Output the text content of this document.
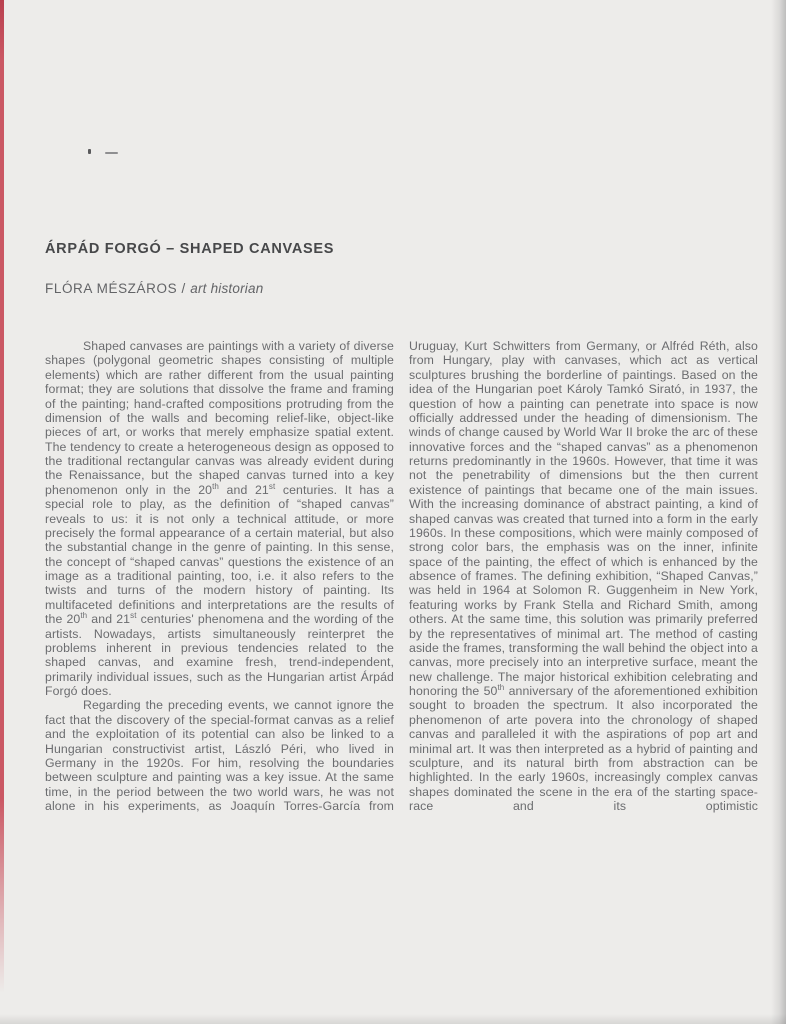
ÁRPÁD FORGÓ – SHAPED CANVASES
FLÓRA MÉSZÁROS / art historian

Shaped canvases are paintings with a variety of diverse shapes (polygonal geometric shapes consisting of multiple elements) which are rather different from the usual painting format; they are solutions that dissolve the frame and framing of the painting; hand-crafted compositions protruding from the dimension of the walls and becoming relief-like, object-like pieces of art, or works that merely emphasize spatial extent. The tendency to create a heterogeneous design as opposed to the traditional rectangular canvas was already evident during the Renaissance, but the shaped canvas turned into a key phenomenon only in the 20th and 21st centuries. It has a special role to play, as the definition of “shaped canvas” reveals to us: it is not only a technical attitude, or more precisely the formal appearance of a certain material, but also the substantial change in the genre of painting. In this sense, the concept of “shaped canvas” questions the existence of an image as a traditional painting, too, i.e. it also refers to the twists and turns of the modern history of painting. Its multifaceted definitions and interpretations are the results of the 20th and 21st centuries' phenomena and the wording of the artists. Nowadays, artists simultaneously reinterpret the problems inherent in previous tendencies related to the shaped canvas, and examine fresh, trend-independent, primarily individual issues, such as the Hungarian artist Árpád Forgó does.

Regarding the preceding events, we cannot ignore the fact that the discovery of the special-format canvas as a relief and the exploitation of its potential can also be linked to a Hungarian constructivist artist, László Péri, who lived in Germany in the 1920s. For him, resolving the boundaries between sculpture and painting was a key issue. At the same time, in the period between the two world wars, he was not alone in his experiments, as Joaquín Torres-García from

Uruguay, Kurt Schwitters from Germany, or Alfréd Réth, also from Hungary, play with canvases, which act as vertical sculptures brushing the borderline of paintings. Based on the idea of the Hungarian poet Károly Tamkó Sirató, in 1937, the question of how a painting can penetrate into space is now officially addressed under the heading of dimensionism. The winds of change caused by World War II broke the arc of these innovative forces and the “shaped canvas” as a phenomenon returns predominantly in the 1960s. However, that time it was not the penetrability of dimensions but the then current existence of paintings that became one of the main issues. With the increasing dominance of abstract painting, a kind of shaped canvas was created that turned into a form in the early 1960s. In these compositions, which were mainly composed of strong color bars, the emphasis was on the inner, infinite space of the painting, the effect of which is enhanced by the absence of frames. The defining exhibition, “Shaped Canvas,” was held in 1964 at Solomon R. Guggenheim in New York, featuring works by Frank Stella and Richard Smith, among others. At the same time, this solution was primarily preferred by the representatives of minimal art. The method of casting aside the frames, transforming the wall behind the object into a canvas, more precisely into an interpretive surface, meant the new challenge. The major historical exhibition celebrating and honoring the 50th anniversary of the aforementioned exhibition sought to broaden the spectrum. It also incorporated the phenomenon of arte povera into the chronology of shaped canvas and paralleled it with the aspirations of pop art and minimal art. It was then interpreted as a hybrid of painting and sculpture, and its natural birth from abstraction can be highlighted. In the early 1960s, increasingly complex canvas shapes dominated the scene in the era of the starting space-race and its optimistic
